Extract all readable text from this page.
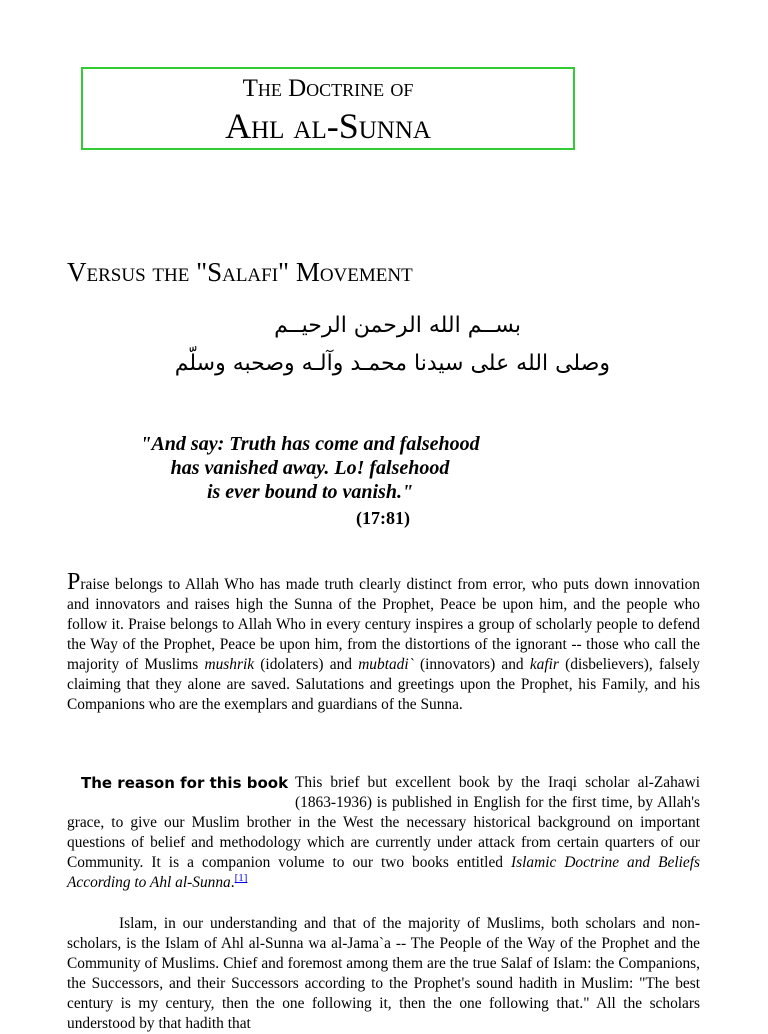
The Doctrine of
Ahl al-Sunna
Versus the "Salafi" Movement
بســم الله الرحمن الرحيــم
وصلى الله على سيدنا محمـد وآلـه وصحبه وسلّم
"And say: Truth has come and falsehood
has vanished away. Lo! falsehood
is ever bound to vanish."
(17:81)
Praise belongs to Allah Who has made truth clearly distinct from error, who puts down innovation and innovators and raises high the Sunna of the Prophet, Peace be upon him, and the people who follow it. Praise belongs to Allah Who in every century inspires a group of scholarly people to defend the Way of the Prophet, Peace be upon him, from the distortions of the ignorant -- those who call the majority of Muslims mushrik (idolaters) and mubtadi` (innovators) and kafir (disbelievers), falsely claiming that they alone are saved. Salutations and greetings upon the Prophet, his Family, and his Companions who are the exemplars and guardians of the Sunna.
The reason for this book This brief but excellent book by the Iraqi scholar al-Zahawi (1863-1936) is published in English for the first time, by Allah's grace, to give our Muslim brother in the West the necessary historical background on important questions of belief and methodology which are currently under attack from certain quarters of our Community. It is a companion volume to our two books entitled Islamic Doctrine and Beliefs According to Ahl al-Sunna.[1]
Islam, in our understanding and that of the majority of Muslims, both scholars and non-scholars, is the Islam of Ahl al-Sunna wa al-Jama`a -- The People of the Way of the Prophet and the Community of Muslims. Chief and foremost among them are the true Salaf of Islam: the Companions, the Successors, and their Successors according to the Prophet's sound hadith in Muslim: "The best century is my century, then the one following it, then the one following that." All the scholars understood by that hadith that
